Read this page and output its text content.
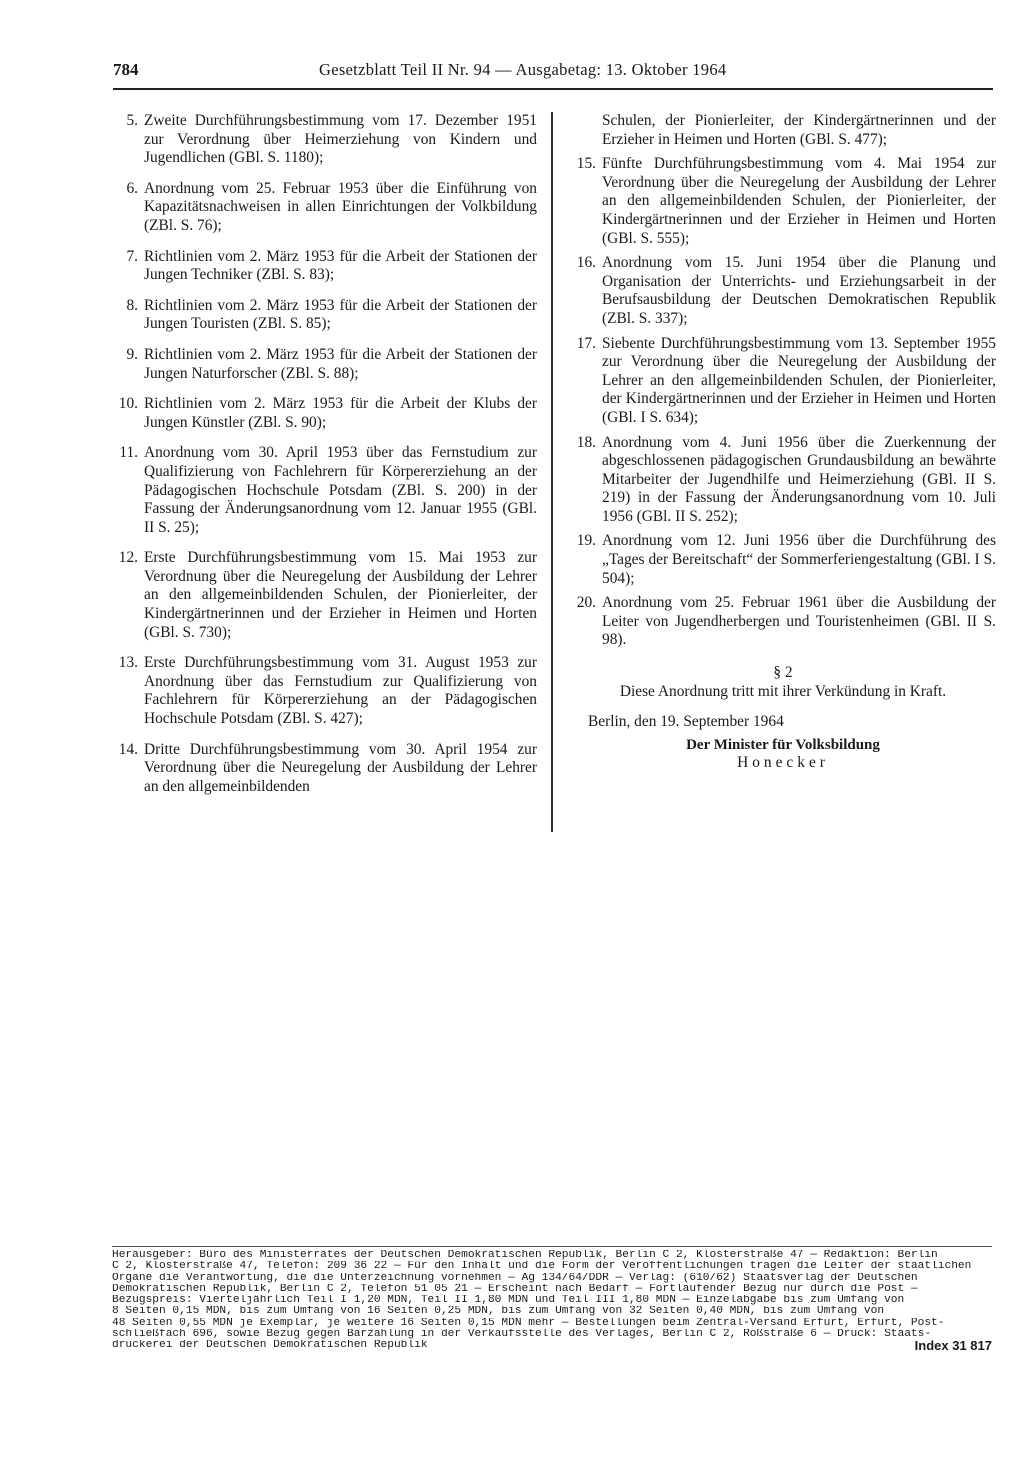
784	Gesetzblatt Teil II Nr. 94 — Ausgabetag: 13. Oktober 1964
5. Zweite Durchführungsbestimmung vom 17. Dezember 1951 zur Verordnung über Heimerziehung von Kindern und Jugendlichen (GBl. S. 1180);
6. Anordnung vom 25. Februar 1953 über die Einführung von Kapazitätsnachweisen in allen Einrichtungen der Volkbildung (ZBl. S. 76);
7. Richtlinien vom 2. März 1953 für die Arbeit der Stationen der Jungen Techniker (ZBl. S. 83);
8. Richtlinien vom 2. März 1953 für die Arbeit der Stationen der Jungen Touristen (ZBl. S. 85);
9. Richtlinien vom 2. März 1953 für die Arbeit der Stationen der Jungen Naturforscher (ZBl. S. 88);
10. Richtlinien vom 2. März 1953 für die Arbeit der Klubs der Jungen Künstler (ZBl. S. 90);
11. Anordnung vom 30. April 1953 über das Fernstudium zur Qualifizierung von Fachlehrern für Körpererziehung an der Pädagogischen Hochschule Potsdam (ZBl. S. 200) in der Fassung der Änderungsanordnung vom 12. Januar 1955 (GBl. II S. 25);
12. Erste Durchführungsbestimmung vom 15. Mai 1953 zur Verordnung über die Neuregelung der Ausbildung der Lehrer an den allgemeinbildenden Schulen, der Pionierleiter, der Kindergärtnerinnen und der Erzieher in Heimen und Horten (GBl. S. 730);
13. Erste Durchführungsbestimmung vom 31. August 1953 zur Anordnung über das Fernstudium zur Qualifizierung von Fachlehrern für Körpererziehung an der Pädagogischen Hochschule Potsdam (ZBl. S. 427);
14. Dritte Durchführungsbestimmung vom 30. April 1954 zur Verordnung über die Neuregelung der Ausbildung der Lehrer an den allgemeinbildenden
Schulen, der Pionierleiter, der Kindergärtnerinnen und der Erzieher in Heimen und Horten (GBl. S. 477);
15. Fünfte Durchführungsbestimmung vom 4. Mai 1954 zur Verordnung über die Neuregelung der Ausbildung der Lehrer an den allgemeinbildenden Schulen, der Pionierleiter, der Kindergärtnerinnen und der Erzieher in Heimen und Horten (GBl. S. 555);
16. Anordnung vom 15. Juni 1954 über die Planung und Organisation der Unterrichts- und Erziehungsarbeit in der Berufsausbildung der Deutschen Demokratischen Republik (ZBl. S. 337);
17. Siebente Durchführungsbestimmung vom 13. September 1955 zur Verordnung über die Neuregelung der Ausbildung der Lehrer an den allgemeinbildenden Schulen, der Pionierleiter, der Kindergärtnerinnen und der Erzieher in Heimen und Horten (GBl. I S. 634);
18. Anordnung vom 4. Juni 1956 über die Zuerkennung der abgeschlossenen pädagogischen Grundausbildung an bewährte Mitarbeiter der Jugendhilfe und Heimerziehung (GBl. II S. 219) in der Fassung der Änderungsanordnung vom 10. Juli 1956 (GBl. II S. 252);
19. Anordnung vom 12. Juni 1956 über die Durchführung des „Tages der Bereitschaft“ der Sommerferiengestaltung (GBl. I S. 504);
20. Anordnung vom 25. Februar 1961 über die Ausbildung der Leiter von Jugendherbergen und Touristenheimen (GBl. II S. 98).
§ 2
Diese Anordnung tritt mit ihrer Verkündung in Kraft.
Berlin, den 19. September 1964
Der Minister für Volksbildung
Honecker
Herausgeber: Büro des Ministerrates der Deutschen Demokratischen Republik, Berlin C 2, Klosterstraße 47 — Redaktion: Berlin
C 2, Klosterstraße 47, Telefon: 209 36 22 — Für den Inhalt und die Form der Veröffentlichungen tragen die Leiter der staatlichen
Organe die Verantwortung, die die Unterzeichnung vornehmen — Ag 134/64/DDR — Verlag: (610/62) Staatsverlag der Deutschen
Demokratischen Republik, Berlin C 2, Telefon 51 05 21 — Erscheint nach Bedarf — Fortlaufender Bezug nur durch die Post —
Bezugspreis: Vierteljährlich Teil I 1,20 MDN, Teil II 1,80 MDN und Teil III 1,80 MDN — Einzelabgabe bis zum Umfang von
8 Seiten 0,15 MDN, bis zum Umfang von 16 Seiten 0,25 MDN, bis zum Umfang von 32 Seiten 0,40 MDN, bis zum Umfang von
48 Seiten 0,55 MDN je Exemplar, je weitere 16 Seiten 0,15 MDN mehr — Bestellungen beim Zentral-Versand Erfurt, Erfurt, Post-
schließfach 696, sowie Bezug gegen Barzahlung in der Verkaufsstelle des Verlages, Berlin C 2, Roßstraße 6 — Druck: Staats-
druckerei der Deutschen Demokratischen Republik	Index 31 817
